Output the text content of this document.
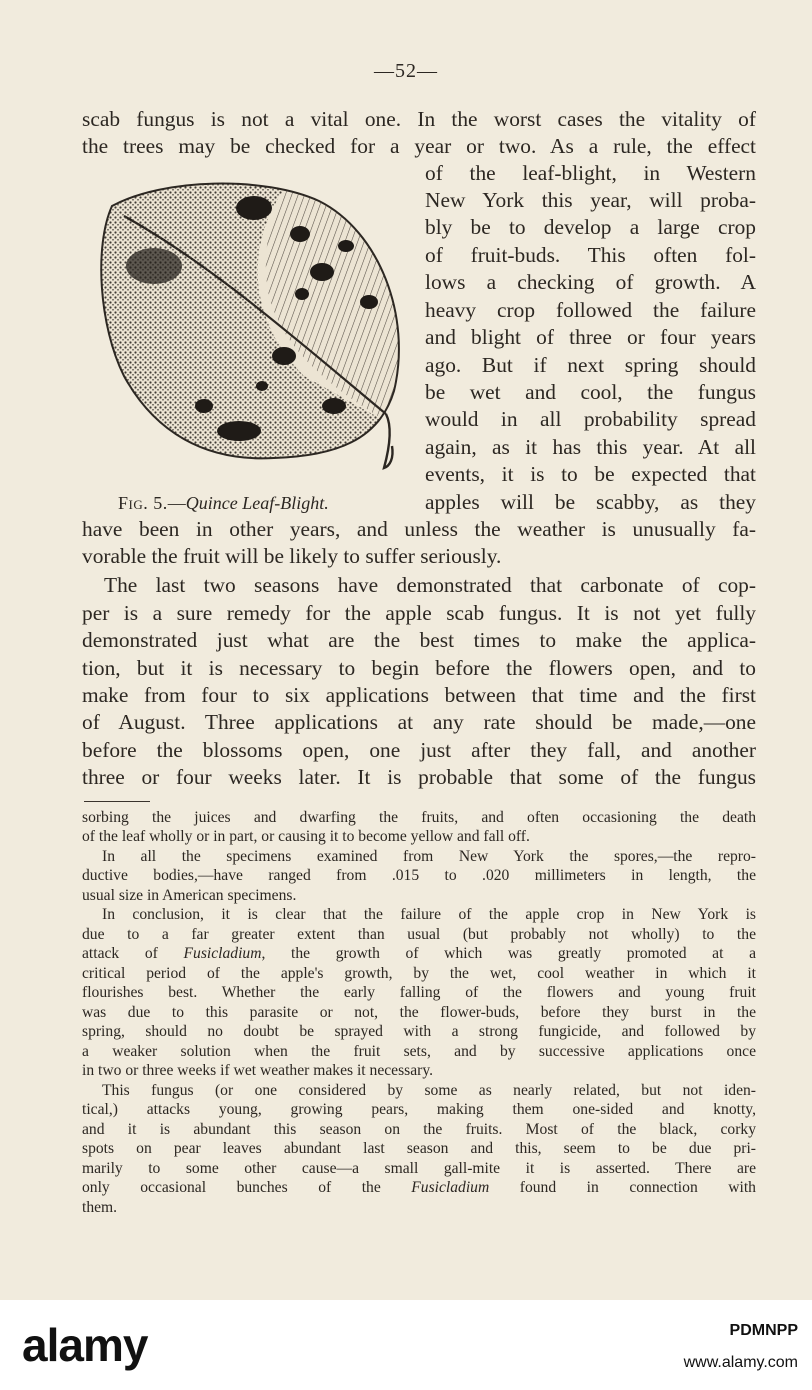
—52—
scab fungus is not a vital one. In the worst cases the vitality of
the trees may be checked for a year or two. As a rule, the effect
of the leaf-blight, in Western
New York this year, will proba-
bly be to develop a large crop
of fruit-buds. This often fol-
lows a checking of growth. A
heavy crop followed the failure
and blight of three or four years
ago. But if next spring should
be wet and cool, the fungus
would in all probability spread
again, as it has this year. At all
events, it is to be expected that
apples will be scabby, as they
have been in other years, and unless the weather is unusually fa-
vorable the fruit will be likely to suffer seriously.
The last two seasons have demonstrated that carbonate of cop-
per is a sure remedy for the apple scab fungus. It is not yet fully
demonstrated just what are the best times to make the applica-
tion, but it is necessary to begin before the flowers open, and to
make from four to six applications between that time and the first
of August. Three applications at any rate should be made,—one
before the blossoms open, one just after they fall, and another
three or four weeks later. It is probable that some of the fungus
Fig. 5.—Quince Leaf-Blight.
sorbing the juices and dwarfing the fruits, and often occasioning the death
of the leaf wholly or in part, or causing it to become yellow and fall off.
In all the specimens examined from New York the spores,—the repro-
ductive bodies,—have ranged from .015 to .020 millimeters in length, the
usual size in American specimens.
In conclusion, it is clear that the failure of the apple crop in New York is
due to a far greater extent than usual (but probably not wholly) to the
attack of Fusicladium, the growth of which was greatly promoted at a
critical period of the apple's growth, by the wet, cool weather in which it
flourishes best. Whether the early falling of the flowers and young fruit
was due to this parasite or not, the flower-buds, before they burst in the
spring, should no doubt be sprayed with a strong fungicide, and followed by
a weaker solution when the fruit sets, and by successive applications once
in two or three weeks if wet weather makes it necessary.
This fungus (or one considered by some as nearly related, but not iden-
tical,) attacks young, growing pears, making them one-sided and knotty,
and it is abundant this season on the fruits. Most of the black, corky
spots on pear leaves abundant last season and this, seem to be due pri-
marily to some other cause—a small gall-mite it is asserted. There are
only occasional bunches of the Fusicladium found in connection with
them.
alamy	PDMNPP
www.alamy.com
